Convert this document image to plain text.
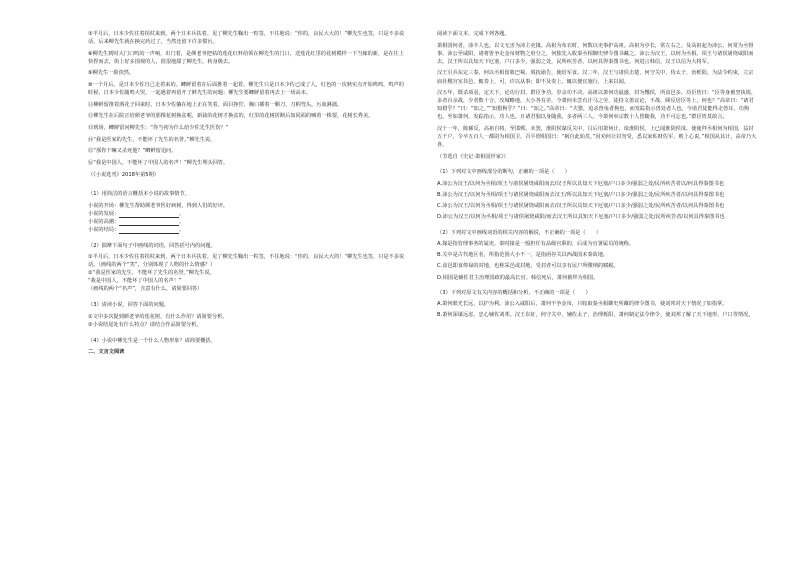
⑦半月后，日本少佐往着拐杖来到，两个日本兵扶着。见了柳先生鞠出一粒签，不往地说：“你的，良民大大的！”柳先生也签，只是不多说话。后来柳先生就在换完药过了，当然还留下许多惯污。

⑧柳先生到时大门口鸣的一声响，出门着，是颜老爷把枯的莲花红杯给领在柳先生的门口，送莲花红里的花树模样一下当嫁的新，是在往上快捏而去，街上好多围观的人，很很地甜了柳先生，转身极去。

⑨柳先生一脸淡然。

⑩一个月后，是日本少佐自己走着来的。鲫鲜留着在后面推着一起着。柳先生只是日本少佐已成了人，红色的一次秋实点开始鸣鸣，鸣声的时候，日本少佐随鸣大哭，一起遇着再留开了鲜先生的问题；柳先生要鲫鲜留着再去上一场高未。

⑪柳鲜留推着酒花子回来时，日本少佐躺在地上正在笑着，面目挣狞，胸口插着一颗刀，刀柄弯头，污血淋漓。

⑫柳先生在后院正给颜老爷的那棵花树换盆呢，新栽的花树才换盆的，红里的花树折断后如同面的喊着一株要，花树长秀美。

⑬到场，鲫鲜留问柳先生：“你当初为什么给少佐先生医伤？”

⑭“我是医家的先生，不能坏了先生的名誉。”柳先生说。

⑮“那你干嘛又杀死他？”鲫鲜留追问。

⑯“我是中国人，不能坏了中国人的名声！”柳先生埋头回答。

（《小说选刊》2018年第5期）

（1）用简洁的语言概括本小说的故事情节。

小说的开场：柳先生帮助颜老爷医好病树，得到人们的好评。

小说的发展：	。

小说的高潮：	。

小说的结局：	。

（2）揣摩下面句子中画线的词语，回答括号内的问题。

①半月后，日本少佐往着拐杖来到，两个日本兵扶着。见了柳先生鞠出一粒签，不往地说：“你的，良民大大的！”柳先生也签，只是不多说话。（画线的两个“笑”，分别体现了人物的什么情感？）

②“我是医家的先生，不能坏了先生的名誉。”柳先生说。

“我是中国人，不能坏了中国人的名声！”

（画线的两个“名声”，含意有什么，请简要回答）

（3）请读小说，回答下面的问题。

①文中多次提到颜老爷的莲花树，有什么作用？请简要分析。

②小说结尾处有什么特点？请结合作品简要分析。

（4）小说中柳先生是一个什么人物形象？请简要概括。

二、文言文阅读

阅读下面文本，完成下列各题。

萧相国何者，沛丰人也。以文无害为沛主吏掾。高祖为布衣时，何数以吏事护高祖。高祖为亭长，常左右之。及高祖起为沛公，何常为丞督事。沛公至咸阳，诸将皆争走金帛财物之府分之，何独先入收秦丞相御史律令图书藏之。沛公为汉王，以何为丞相。项王与诸侯屠烧咸阳而去。汉王所以具知天下厄塞，户口多少，强弱之处，民所疾苦者，以何具得秦图书也。何进言韩信，汉王以信为大将军。

汉王引兵东定三秦，何以丞相留收巴蜀，填抚谕告，使给军食。汉二年，汉王与诸侯击楚，何守关中，侍太子，治栎阳。为法令约束，立宗庙社稷宫室县邑，辄奏上，可，许以从事；即不及奏上，辄以便宜施行，上来以闻。

汉五年，既杀项羽，定天下，论功行封。群臣争功，岁余功不决。高祖以萧何功最盛，封为酂侯，所食邑多。功臣皆曰：“臣等身被坚执锐，多者百余战，少者数十合，攻城略地，大小各有差。今萧何未尝有汗马之劳，徒持文墨议论，不战，顾反居臣等上，何也？”高帝曰：“诸君知猎乎？”曰：“知之。”“知猎狗乎？”曰：“知之。”高帝曰：“夫猎，追杀兽兔者狗也，而发踪指示兽处者人也。今诸君徒能得走兽耳，功狗也。至如萧何，发踪指示，功人也。且诸君独以身随我，多者两三人。今萧何举宗数十人皆随我，功不可忘也。”群臣皆莫敢言。

汉十一年，陈豨反，高祖自将，至邯郸。未罢，淮阴侯谋反关中，吕后用萧何计，诛淮阴侯。上已闻淮阴侯诛，使使拜丞相何为相国，益封五千户，令卒五百人一都尉为相国卫。召平谓相国曰：“祸自此始矣。”因劝何让封勿受，悉以家私财佐军，则上心说。”相国从其计，高帝乃大喜。

（节选自《史记·萧相国世家》）

（1）下列对文中画线部分的断句，正确的一项是（　　）

A.沛公为汉王/以何为丞相/项王与诸侯屠烧咸阳而去/汉王所以具知天下厄塞/户口多少/强弱之处/民所疾苦者以/何具得秦图书也

B.沛公为汉王/以何为丞相/项王与诸侯屠烧咸阳而去汉王/所以具知天下厄塞/户口多少/强弱之处/民所疾苦者/以何具得秦图书也

C.沛公为汉王/以何为丞相/项王与诸侯屠烧咸阳而去/汉王所以具知天下厄塞/户口多少/强弱之处/民所疾苦者/以何具得秦图书也

D.沛公为汉王/以何为丞相/项王与诸侯屠烧咸阳/而去汉王所以具知天下厄塞/户口多少/强弱之处/民所疾苦者/以何具得秦图书也

（2）下列对文中画线词语的相关内容的解说，不正确的一项是（　　）

A.掾是指管理事务的属吏。秦时掾是一般担任有品级官职的，后成为官署属员的统称。

B.关中是古代地区名，所指范围大小不一，是指函谷关以西战国末秦故地。

C.食邑即食俸禄的封地，也称采邑或封地，受封者可以享有民户所缴纳的赋税。

D.相国是辅佐君主治理国政的最高长官。韩信死后，萧何被拜为相国。

（3）下列对原文有关内容的概括和分析，不正确的一项是（　　）

A.萧何眼光长远，以护为利。沛公入咸阳后，萧何不争金帛，只收取秦丞相御史所藏的律令图书，使刘邦对天下情况了如指掌。

B.萧何深谋远虑，忠心辅佐刘邦。汉王东征，何守关中，辅佐太子，治理栎阳，萧何制定法令律令，使刘邦了解了天下地形、户口等情况。
